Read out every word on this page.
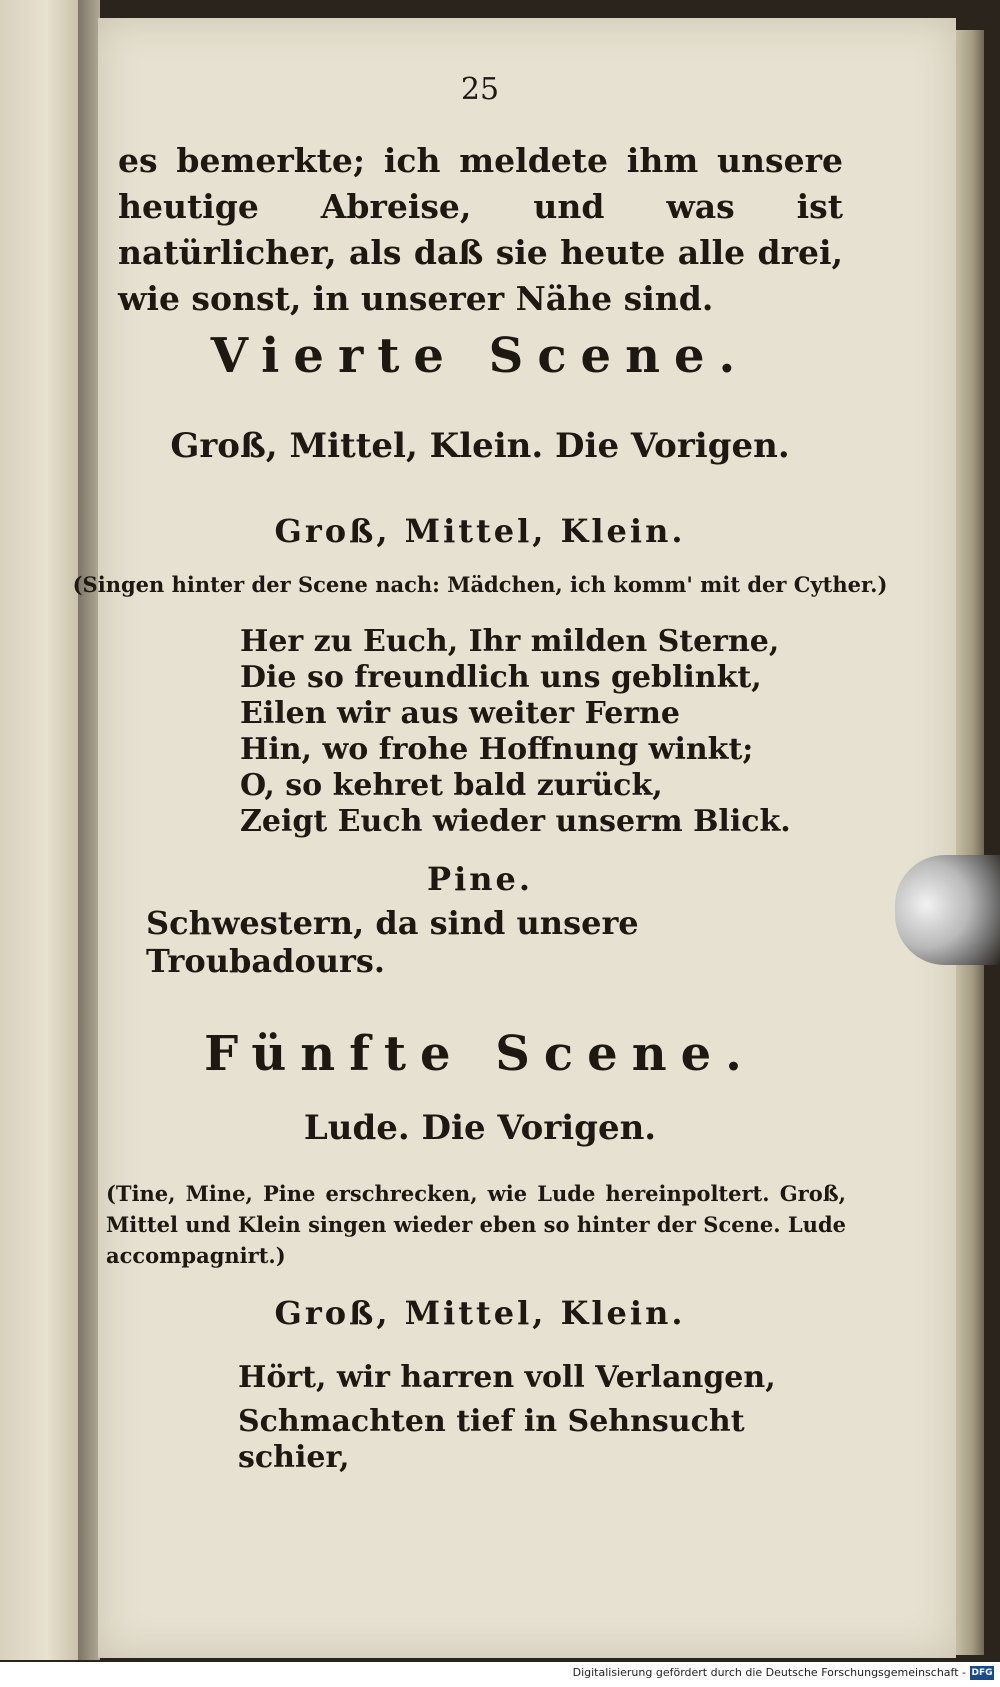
25
es bemerkte; ich meldete ihm unsere heutige Abreise, und was ist natürlicher, als daß sie heute alle drei, wie sonst, in unserer Nähe sind.
Vierte Scene.
Groß, Mittel, Klein. Die Vorigen.
Groß, Mittel, Klein.
(Singen hinter der Scene nach: Mädchen, ich komm' mit der Cyther.)
Her zu Euch, Ihr milden Sterne,
Die so freundlich uns geblinkt,
Eilen wir aus weiter Ferne
Hin, wo frohe Hoffnung winkt;
O, so kehret bald zurück,
Zeigt Euch wieder unserm Blick.
Pine.
Schwestern, da sind unsere Troubadours.
Fünfte Scene.
Lude. Die Vorigen.
(Tine, Mine, Pine erschrecken, wie Lude hereinpoltert. Groß, Mittel und Klein singen wieder eben so hinter der Scene. Lude accompagnirt.)
Groß, Mittel, Klein.
Hört, wir harren voll Verlangen,
Schmachten tief in Sehnsucht schier,
Digitalisierung gefördert durch die Deutsche Forschungsgemeinschaft - DFG
